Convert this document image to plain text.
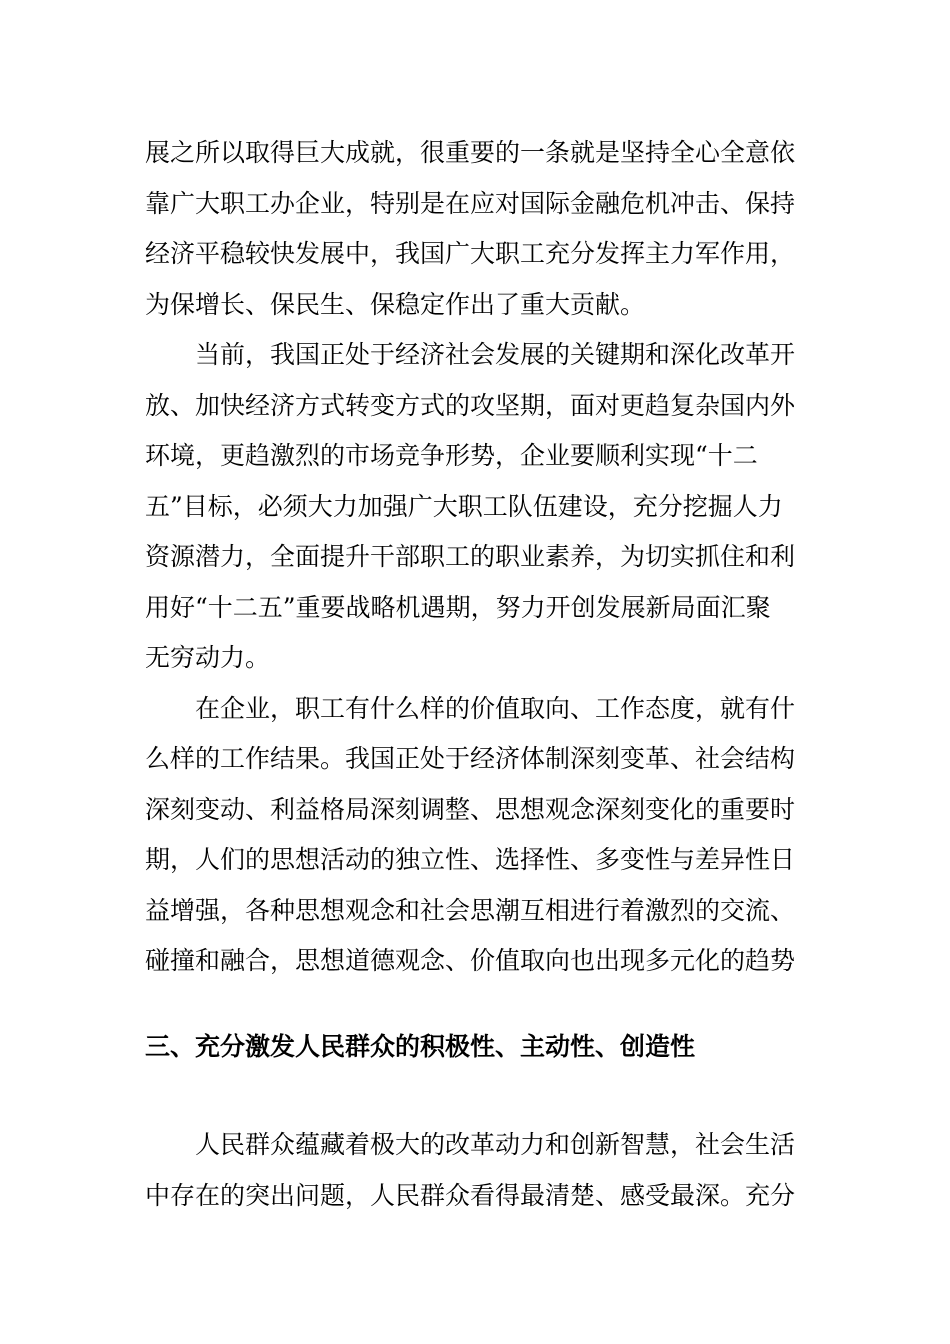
展之所以取得巨大成就，很重要的一条就是坚持全心全意依
靠广大职工办企业，特别是在应对国际金融危机冲击、保持
经济平稳较快发展中，我国广大职工充分发挥主力军作用，
为保增长、保民生、保稳定作出了重大贡献。

当前，我国正处于经济社会发展的关键期和深化改革开
放、加快经济方式转变方式的攻坚期，面对更趋复杂国内外
环境，更趋激烈的市场竞争形势，企业要顺利实现“十二
五”目标，必须大力加强广大职工队伍建设，充分挖掘人力
资源潜力，全面提升干部职工的职业素养，为切实抓住和利
用好“十二五”重要战略机遇期，努力开创发展新局面汇聚
无穷动力。

在企业，职工有什么样的价值取向、工作态度，就有什
么样的工作结果。我国正处于经济体制深刻变革、社会结构
深刻变动、利益格局深刻调整、思想观念深刻变化的重要时
期，人们的思想活动的独立性、选择性、多变性与差异性日
益增强，各种思想观念和社会思潮互相进行着激烈的交流、
碰撞和融合，思想道德观念、价值取向也出现多元化的趋势

三、充分激发人民群众的积极性、主动性、创造性

人民群众蕴藏着极大的改革动力和创新智慧，社会生活
中存在的突出问题，人民群众看得最清楚、感受最深。充分
